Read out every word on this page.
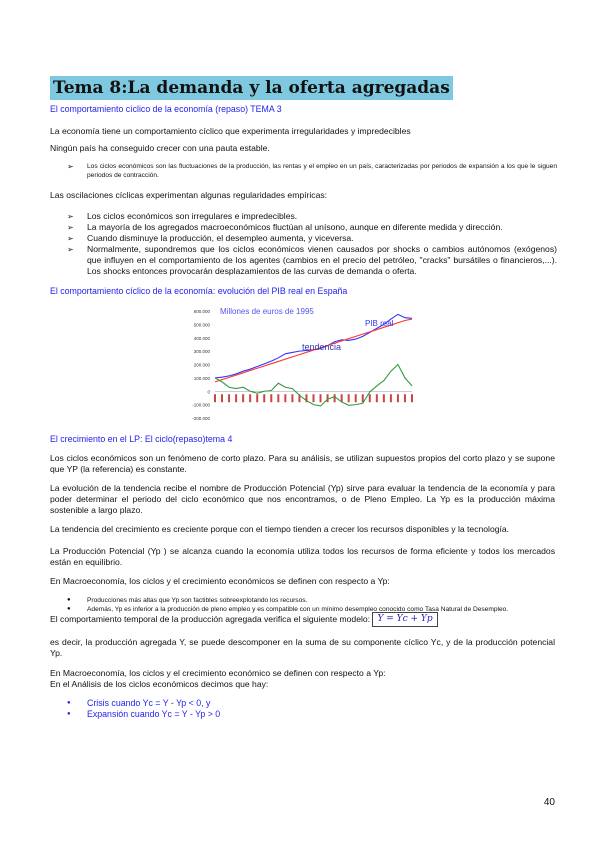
Tema 8:La demanda y la oferta agregadas
El comportamiento cíclico de la economía (repaso) TEMA 3
La economía tiene un comportamiento cíclico que experimenta irregularidades y impredecibles
Ningún país ha conseguido crecer con una pauta estable.
➢ Los ciclos económicos son las fluctuaciones de la producción, las rentas y el empleo en un país, caracterizadas por periodos de expansión a los que le siguen periodos de contracción.
Las oscilaciones cíclicas experimentan algunas regularidades empíricas:
➢ Los ciclos económicos son irregulares e impredecibles.
➢ La mayoría de los agregados macroeconómicos fluctúan al unísono, aunque en diferente medida y dirección.
➢ Cuando disminuye la producción, el desempleo aumenta, y viceversa.
➢ Normalmente, supondremos que los ciclos económicos vienen causados por shocks o cambios autónomos (exógenos) que influyen en el comportamiento de los agentes (cambios en el precio del petróleo, "cracks" bursátiles o financieros,...). Los shocks entonces provocarán desplazamientos de las curvas de demanda o oferta.
El comportamiento cíclico de la economía: evolución del PIB real en España
Millones de euros de 1995
-200.000
-100.000
0
100.000
200.000
300.000
400.000
500.000
600.000
PIB real
tendencia
El crecimiento en el LP: El ciclo(repaso)tema 4
Los ciclos económicos son un fenómeno de corto plazo. Para su análisis, se utilizan supuestos propios del corto plazo y se supone que YP (la referencia) es constante.
La evolución de la tendencia recibe el nombre de Producción Potencial (Yp) sirve para evaluar la tendencia de la economía y para poder determinar el periodo del ciclo económico que nos encontramos, o de Pleno Empleo. La Yp es la producción máxima sostenible a largo plazo.
La tendencia del crecimiento es creciente porque con el tiempo tienden a crecer los recursos disponibles y la tecnología.
La Producción Potencial (Yp ) se alcanza cuando la economía utiliza todos los recursos de forma eficiente y todos los mercados están en equilibrio.
En Macroeconomía, los ciclos y el crecimiento económicos se definen con respecto a Yp:
● Producciones más altas que Yp son factibles sobreexplotando los recursos.
● Además, Yp es inferior a la producción de pleno empleo y es compatible con un mínimo desempleo conocido como Tasa Natural de Desempleo.
El comportamiento temporal de la producción agregada verifica el siguiente modelo: Y = Yc + Yp
es decir, la producción agregada Y, se puede descomponer en la suma de su componente cíclico Yc, y de la producción potencial Yp.
En Macroeconomía, los ciclos y el crecimiento económico se definen con respecto a Yp:
En el Análisis de los ciclos económicos decimos que hay:
● Crisis cuando Yc = Y - Yp < 0, y
● Expansión cuando Yc = Y - Yp > 0
40
